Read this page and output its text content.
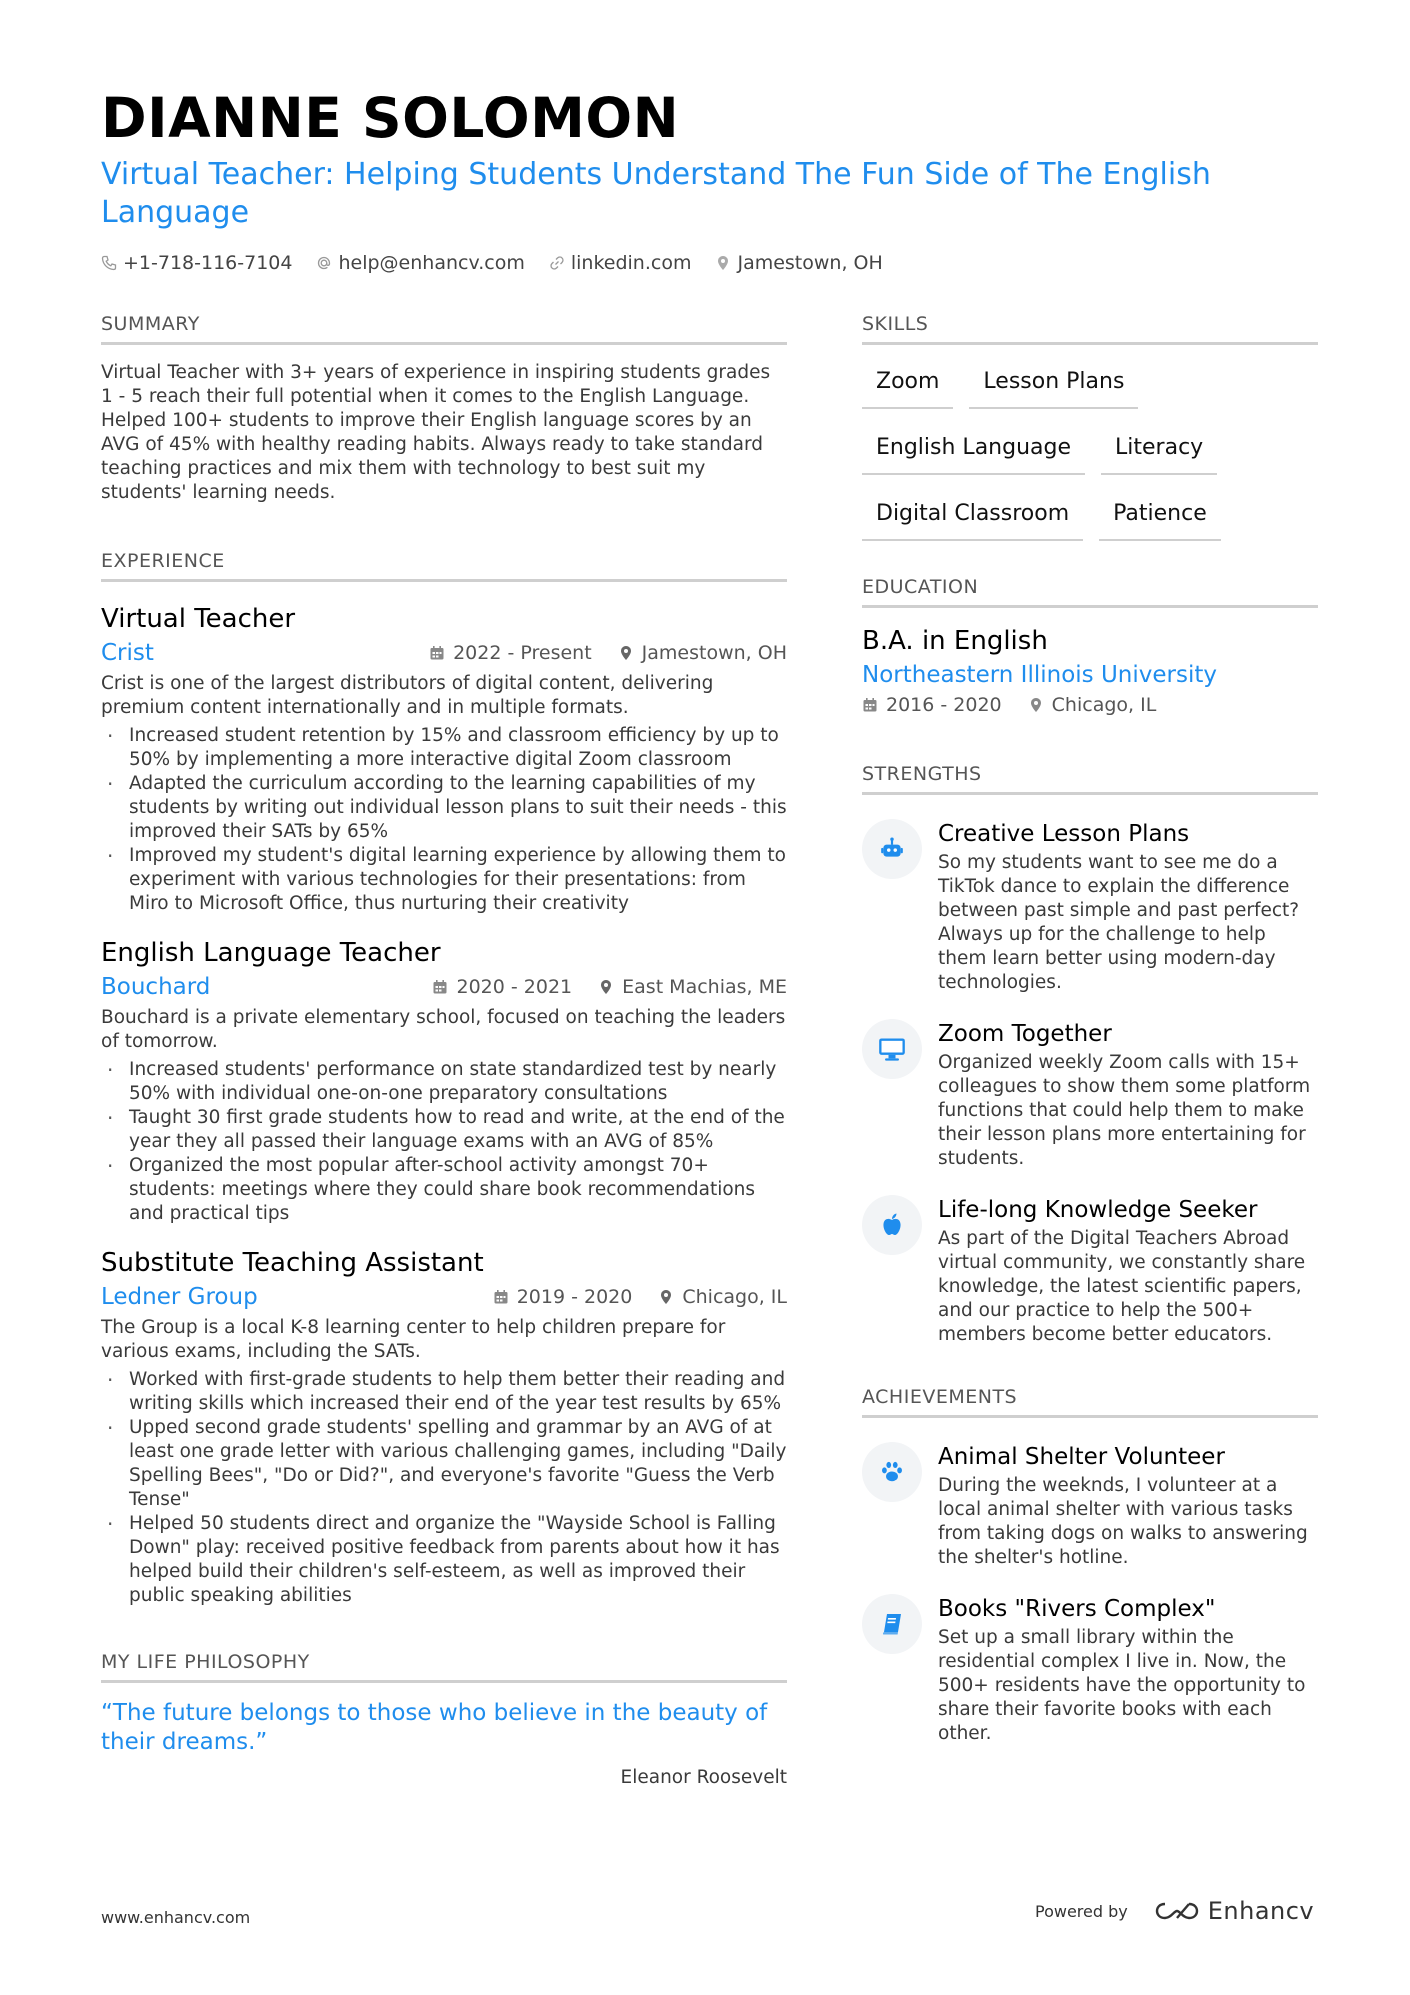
DIANNE SOLOMON
Virtual Teacher: Helping Students Understand The Fun Side of The English Language
+1-718-116-7104 help@enhancv.com linkedin.com Jamestown, OH
SUMMARY
Virtual Teacher with 3+ years of experience in inspiring students grades 1 - 5 reach their full potential when it comes to the English Language. Helped 100+ students to improve their English language scores by an AVG of 45% with healthy reading habits. Always ready to take standard teaching practices and mix them with technology to best suit my students' learning needs.
EXPERIENCE
Virtual Teacher
Crist	2022 - Present	Jamestown, OH
Crist is one of the largest distributors of digital content, delivering premium content internationally and in multiple formats.
· Increased student retention by 15% and classroom efficiency by up to 50% by implementing a more interactive digital Zoom classroom
· Adapted the curriculum according to the learning capabilities of my students by writing out individual lesson plans to suit their needs - this improved their SATs by 65%
· Improved my student's digital learning experience by allowing them to experiment with various technologies for their presentations: from Miro to Microsoft Office, thus nurturing their creativity
English Language Teacher
Bouchard	2020 - 2021	East Machias, ME
Bouchard is a private elementary school, focused on teaching the leaders of tomorrow.
· Increased students' performance on state standardized test by nearly 50% with individual one-on-one preparatory consultations
· Taught 30 first grade students how to read and write, at the end of the year they all passed their language exams with an AVG of 85%
· Organized the most popular after-school activity amongst 70+ students: meetings where they could share book recommendations and practical tips
Substitute Teaching Assistant
Ledner Group	2019 - 2020	Chicago, IL
The Group is a local K-8 learning center to help children prepare for various exams, including the SATs.
· Worked with first-grade students to help them better their reading and writing skills which increased their end of the year test results by 65%
· Upped second grade students' spelling and grammar by an AVG of at least one grade letter with various challenging games, including "Daily Spelling Bees", "Do or Did?", and everyone's favorite "Guess the Verb Tense"
· Helped 50 students direct and organize the "Wayside School is Falling Down" play: received positive feedback from parents about how it has helped build their children's self-esteem, as well as improved their public speaking abilities
MY LIFE PHILOSOPHY
“The future belongs to those who believe in the beauty of their dreams.”
Eleanor Roosevelt
SKILLS
Zoom	Lesson Plans
English Language	Literacy
Digital Classroom	Patience
EDUCATION
B.A. in English
Northeastern Illinois University
2016 - 2020	Chicago, IL
STRENGTHS
Creative Lesson Plans
So my students want to see me do a TikTok dance to explain the difference between past simple and past perfect? Always up for the challenge to help them learn better using modern-day technologies.
Zoom Together
Organized weekly Zoom calls with 15+ colleagues to show them some platform functions that could help them to make their lesson plans more entertaining for students.
Life-long Knowledge Seeker
As part of the Digital Teachers Abroad virtual community, we constantly share knowledge, the latest scientific papers, and our practice to help the 500+ members become better educators.
ACHIEVEMENTS
Animal Shelter Volunteer
During the weeknds, I volunteer at a local animal shelter with various tasks from taking dogs on walks to answering the shelter's hotline.
Books "Rivers Complex"
Set up a small library within the residential complex I live in. Now, the 500+ residents have the opportunity to share their favorite books with each other.
www.enhancv.com	Powered by	Enhancv
